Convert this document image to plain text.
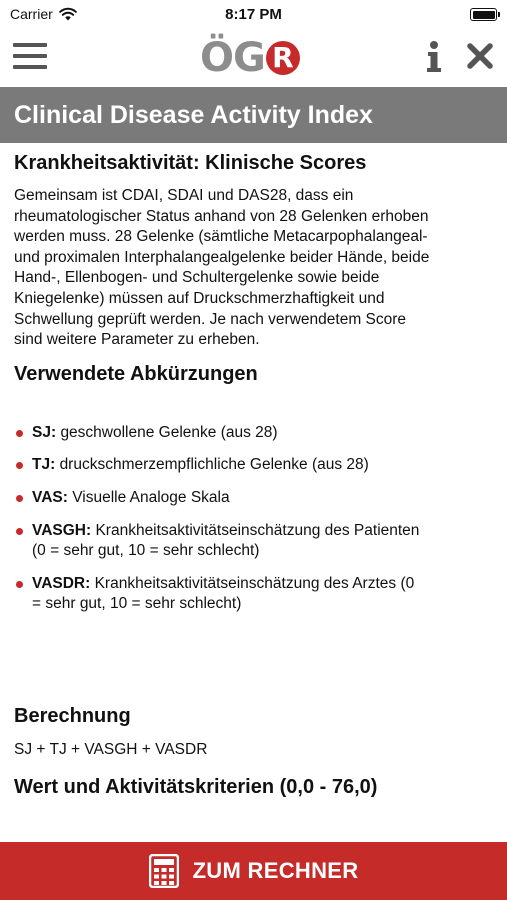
Carrier	8:17 PM
ÖG R
Clinical Disease Activity Index
Krankheitsaktivität: Klinische Scores
Gemeinsam ist CDAI, SDAI und DAS28, dass ein
rheumatologischer Status anhand von 28 Gelenken erhoben
werden muss. 28 Gelenke (sämtliche Metacarpophalangeal-
und proximalen Interphalangealgelenke beider Hände, beide
Hand-, Ellenbogen- und Schultergelenke sowie beide
Kniegelenke) müssen auf Druckschmerzhaftigkeit und
Schwellung geprüft werden. Je nach verwendetem Score
sind weitere Parameter zu erheben.
Verwendete Abkürzungen
SJ: geschwollene Gelenke (aus 28)
TJ: druckschmerzempflichliche Gelenke (aus 28)
VAS: Visuelle Analoge Skala
VASGH: Krankheitsaktivitätseinschätzung des Patienten
(0 = sehr gut, 10 = sehr schlecht)
VASDR: Krankheitsaktivitätseinschätzung des Arztes (0
= sehr gut, 10 = sehr schlecht)
Berechnung
SJ + TJ + VASGH + VASDR
Wert und Aktivitätskriterien (0,0 - 76,0)
ZUM RECHNER
